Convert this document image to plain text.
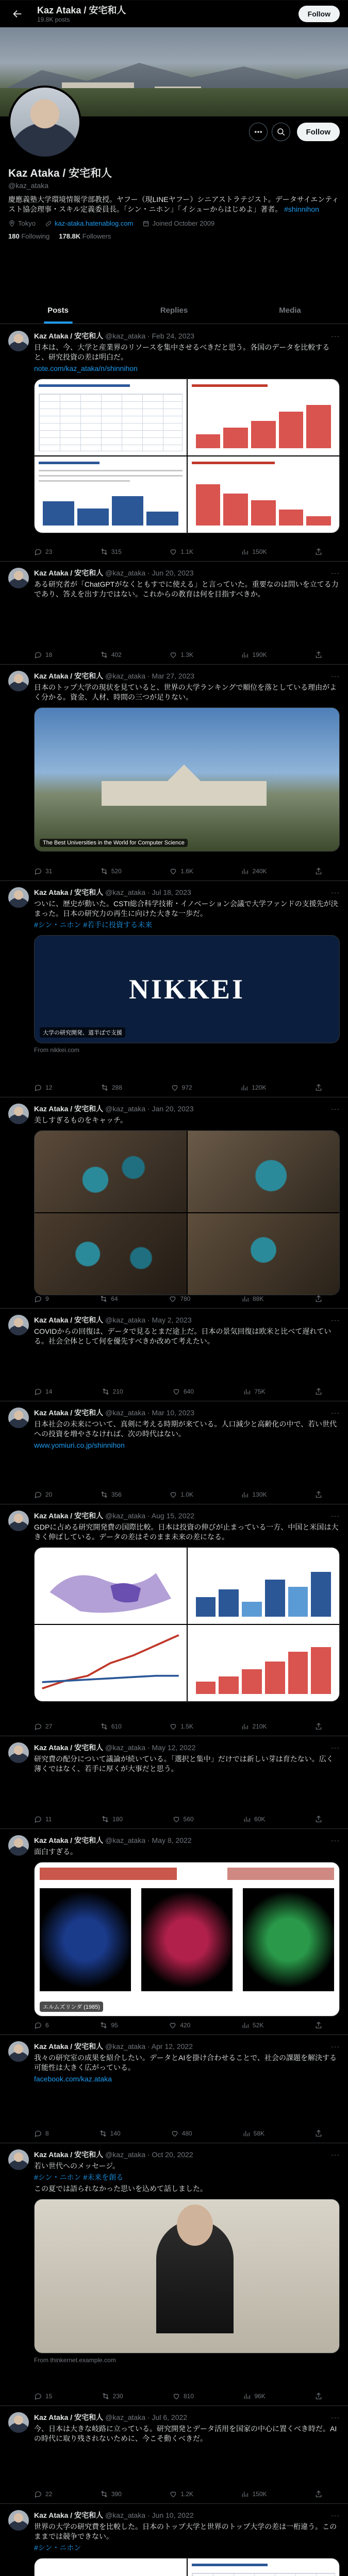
Kaz Ataka / 安宅和人
19.8K posts
Follow
Follow
Kaz Ataka / 安宅和人
@kaz_ataka
慶應義塾大学環境情報学部教授。ヤフー（現LINEヤフー）シニアストラテジスト。データサイエンティスト協会理事・スキル定義委員長。「シン・ニホン」「イシューからはじめよ」著者。 #shinnihon
Tokyo	kaz-ataka.hatenablog.com	Joined October 2009
180 Following 178.8K Followers
Posts	Replies	Media
Kaz Ataka / 安宅和人 @kaz_ataka · Feb 24, 2023	···
日本は、今、大学と産業界のリソースを集中させるべきだと思う。各国のデータを比較すると、研究投資の差は明白だ。
note.com/kaz_ataka/n/shinnihon
23	315	1.1K	150K
Kaz Ataka / 安宅和人 @kaz_ataka · Jun 20, 2023	···
ある研究者が「ChatGPTがなくともすでに使える」と言っていた。重要なのは問いを立てる力であり、答えを出す力ではない。これからの教育は何を目指すべきか。
18	402	1.3K	190K
Kaz Ataka / 安宅和人 @kaz_ataka · Mar 27, 2023	···
日本のトップ大学の現状を見ていると、世界の大学ランキングで順位を落としている理由がよく分かる。資金、人材、時間の三つが足りない。
The Best Universities in the World for Computer Science
31	520	1.6K	240K
Kaz Ataka / 安宅和人 @kaz_ataka · Jul 18, 2023	···
ついに、歴史が動いた。CSTI総合科学技術・イノベーション会議で大学ファンドの支援先が決まった。日本の研究力の再生に向けた大きな一歩だ。
#シン・ニホン #若手に投資する未来
NIKKEI
大学の研究開発、道半ばで支援
From nikkei.com
12	288	972	120K
Kaz Ataka / 安宅和人 @kaz_ataka · Jan 20, 2023	···
美しすぎるものをキャッチ。
9	64	780	88K
Kaz Ataka / 安宅和人 @kaz_ataka · May 2, 2023	···
COVIDからの回復は、データで見るとまだ途上だ。日本の景気回復は欧米と比べて遅れている。社会全体として何を優先すべきか改めて考えたい。
14	210	640	75K
Kaz Ataka / 安宅和人 @kaz_ataka · Mar 10, 2023	···
日本社会の未来について、真剣に考える時期が来ている。人口減少と高齢化の中で、若い世代への投資を増やさなければ、次の時代はない。
www.yomiuri.co.jp/shinnihon
20	356	1.0K	130K
Kaz Ataka / 安宅和人 @kaz_ataka · Aug 15, 2022	···
GDPに占める研究開発費の国際比較。日本は投資の伸びが止まっている一方、中国と米国は大きく伸ばしている。データの差はそのまま未来の差になる。
27	610	1.5K	210K
Kaz Ataka / 安宅和人 @kaz_ataka · May 12, 2022	···
研究費の配分について議論が続いている。「選択と集中」だけでは新しい芽は育たない。広く薄くではなく、若手に厚くが大事だと思う。
11	180	560	60K
Kaz Ataka / 安宅和人 @kaz_ataka · May 8, 2022	···
面白すぎる。
エルムズリンダ (1985)
6	95	420	52K
Kaz Ataka / 安宅和人 @kaz_ataka · Apr 12, 2022	···
我々の研究室の成果を紹介したい。データとAIを掛け合わせることで、社会の課題を解決する可能性は大きく広がっている。
facebook.com/kaz.ataka
8	140	480	58K
Kaz Ataka / 安宅和人 @kaz_ataka · Oct 20, 2022	···
若い世代へのメッセージ。
#シン・ニホン #未来を創る
この夏では語られなかった思いを込めて話しました。
From thinkernet.example.com
15	230	810	96K
Kaz Ataka / 安宅和人 @kaz_ataka · Jul 6, 2022	···
今、日本は大きな岐路に立っている。研究開発とデータ活用を国家の中心に置くべき時だ。AIの時代に取り残されないために、今こそ動くべきだ。
22	390	1.2K	150K
Kaz Ataka / 安宅和人 @kaz_ataka · Jun 10, 2022	···
世界の大学の研究費を比較した。日本のトップ大学と世界のトップ大学の差は一桁違う。このままでは競争できない。
#シン・ニホン
